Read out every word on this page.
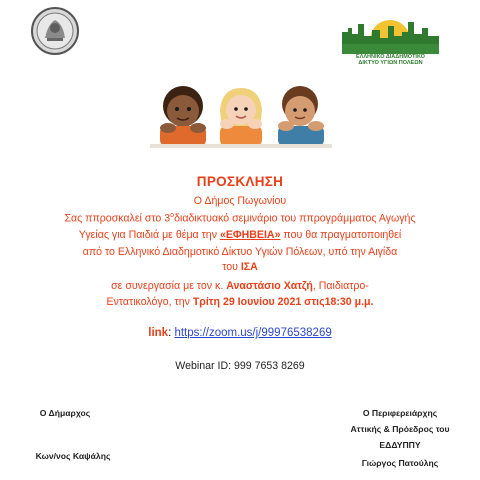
ΕΛΛΗΝΙΚΟ ΔΙΑΔΗΜΟΤΙΚΟ
ΔΙΚΤΥΟ ΥΓΙΩΝ ΠΟΛΕΩΝ
ΠΡΟΣΚΛΗΣΗ
Ο Δήμος Πωγωνίου
Σας ππροσκαλεί στο $3^o\delta\iota\alpha\delta\iota\kappa\tau\upsilon\alpha\kappa ό$ σεμινάριο του ππρογράμματος Αγωγής
Υγείας για Παιδιά με θέμα την «ΕΦΗΒΕΙΑ» που θα πραγματοποιηθεί
από το Ελληνικό Διαδημοτικό Δίκτυο Υγιών Πόλεων, υπό την Αιγίδα
του ΙΣΑ
σε συνεργασία με τον κ. Αναστάσιο Χατζή, Παιδιατρο-
Εντατικολόγο, την Τρίτη 29 Ιουνίου 2021 στις18:30 μ.μ.
link: https://zoom.us/j/99976538269
Webinar ID: 999 7653 8269
Ο Δήμαρχος
Κων/νος Καψάλης
Ο Περιφερειάρχης
Αττικής & Πρόεδρος του
ΕΔΔΥΠΠΥ
Γιώργος Πατούλης
